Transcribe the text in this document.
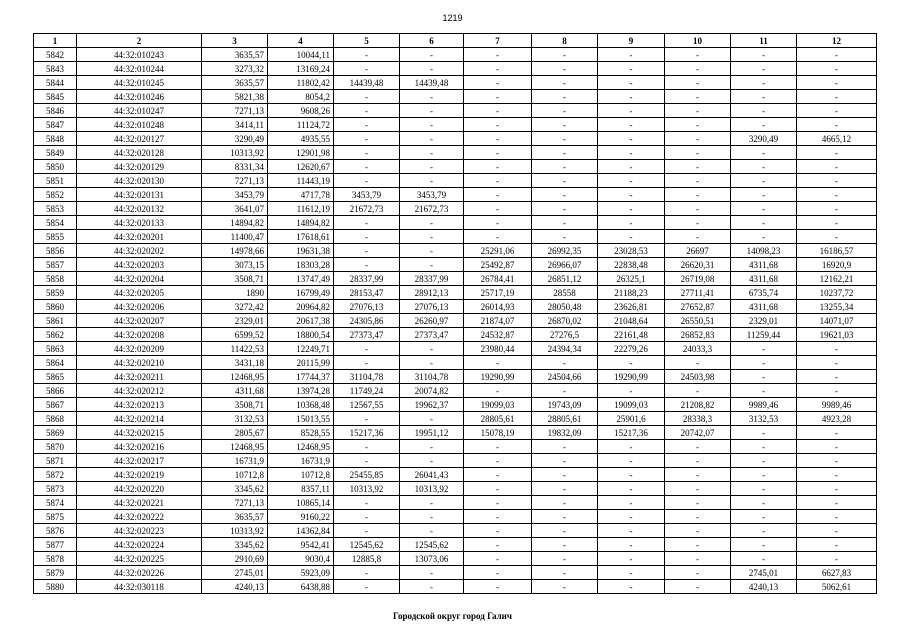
1219
1	2	3	4	5	6	7	8	9	10	11	12
5842	44:32:010243	3635,57	10044,11	-	-	-	-	-	-	-	-
5843	44:32:010244	3273,32	13169,24	-	-	-	-	-	-	-	-
5844	44:32:010245	3635,57	11802,42	14439,48	14439,48	-	-	-	-	-	-
5845	44:32:010246	5821,38	8054,2	-	-	-	-	-	-	-	-
5846	44:32:010247	7271,13	9608,26	-	-	-	-	-	-	-	-
5847	44:32:010248	3414,11	11124,72	-	-	-	-	-	-	-	-
5848	44:32:020127	3290,49	4935,55	-	-	-	-	-	-	3290,49	4665,12
5849	44:32:020128	10313,92	12901,98	-	-	-	-	-	-	-	-
5850	44:32:020129	8331,34	12620,67	-	-	-	-	-	-	-	-
5851	44:32:020130	7271,13	11443,19	-	-	-	-	-	-	-	-
5852	44:32:020131	3453,79	4717,78	3453,79	3453,79	-	-	-	-	-	-
5853	44:32:020132	3641,07	11612,19	21672,73	21672,73	-	-	-	-	-	-
5854	44:32:020133	14894,82	14894,82	-	-	-	-	-	-	-	-
5855	44:32:020201	11400,47	17618,61	-	-	-	-	-	-	-	-
5856	44:32:020202	14978,66	19631,38	-	-	25291,06	26992,35	23028,53	26697	14098,23	16186,57
5857	44:32:020203	3073,15	18303,28	-	-	25492,87	26966,07	22838,48	26620,31	4311,68	16920,9
5858	44:32:020204	3508,71	13747,49	28337,99	28337,99	26784,41	26851,12	26325,1	26719,08	4311,68	12162,21
5859	44:32:020205	1890	16799,49	28153,47	28912,13	25717,19	28558	21188,23	27711,41	6735,74	10237,72
5860	44:32:020206	3272,42	20964,82	27076,13	27076,13	26014,93	28050,48	23626,81	27652,87	4311,68	13255,34
5861	44:32:020207	2329,01	20617,38	24305,86	26260,97	21874,07	26870,02	21048,64	26550,51	2329,01	14071,07
5862	44:32:020208	6599,52	18800,54	27373,47	27373,47	24532,87	27276,5	22161,48	26852,83	11259,44	19621,03
5863	44:32:020209	11422,53	12249,71	-	-	23980,44	24394,34	22279,26	24033,3	-	-
5864	44:32:020210	3431,18	20115,99	-	-	-	-	-	-	-	-
5865	44:32:020211	12468,95	17744,37	31104,78	31104,78	19290,99	24504,66	19290,99	24503,98	-	-
5866	44:32:020212	4311,68	13974,28	11749,24	20074,82	-	-	-	-	-	-
5867	44:32:020213	3508,71	10368,48	12567,55	19962,37	19099,03	19743,09	19099,03	21208,82	9989,46	9989,46
5868	44:32:020214	3132,53	15013,55	-	-	28805,61	28805,61	25901,6	28338,3	3132,53	4923,28
5869	44:32:020215	2805,67	8528,55	15217,36	19951,12	15078,19	19832,09	15217,36	20742,07	-	-
5870	44:32:020216	12468,95	12468,95	-	-	-	-	-	-	-	-
5871	44:32:020217	16731,9	16731,9	-	-	-	-	-	-	-	-
5872	44:32:020219	10712,8	10712,8	25455,85	26041,43	-	-	-	-	-	-
5873	44:32:020220	3345,62	8357,11	10313,92	10313,92	-	-	-	-	-	-
5874	44:32:020221	7271,13	10865,14	-	-	-	-	-	-	-	-
5875	44:32:020222	3635,57	9160,22	-	-	-	-	-	-	-	-
5876	44:32:020223	10313,92	14362,84	-	-	-	-	-	-	-	-
5877	44:32:020224	3345,62	9542,41	12545,62	12545,62	-	-	-	-	-	-
5878	44:32:020225	2910,69	9030,4	12885,8	13073,06	-	-	-	-	-	-
5879	44:32:020226	2745,01	5923,09	-	-	-	-	-	-	2745,01	6627,83
5880	44:32:030118	4240,13	6438,88	-	-	-	-	-	-	4240,13	5062,61
Городской округ город Галич
